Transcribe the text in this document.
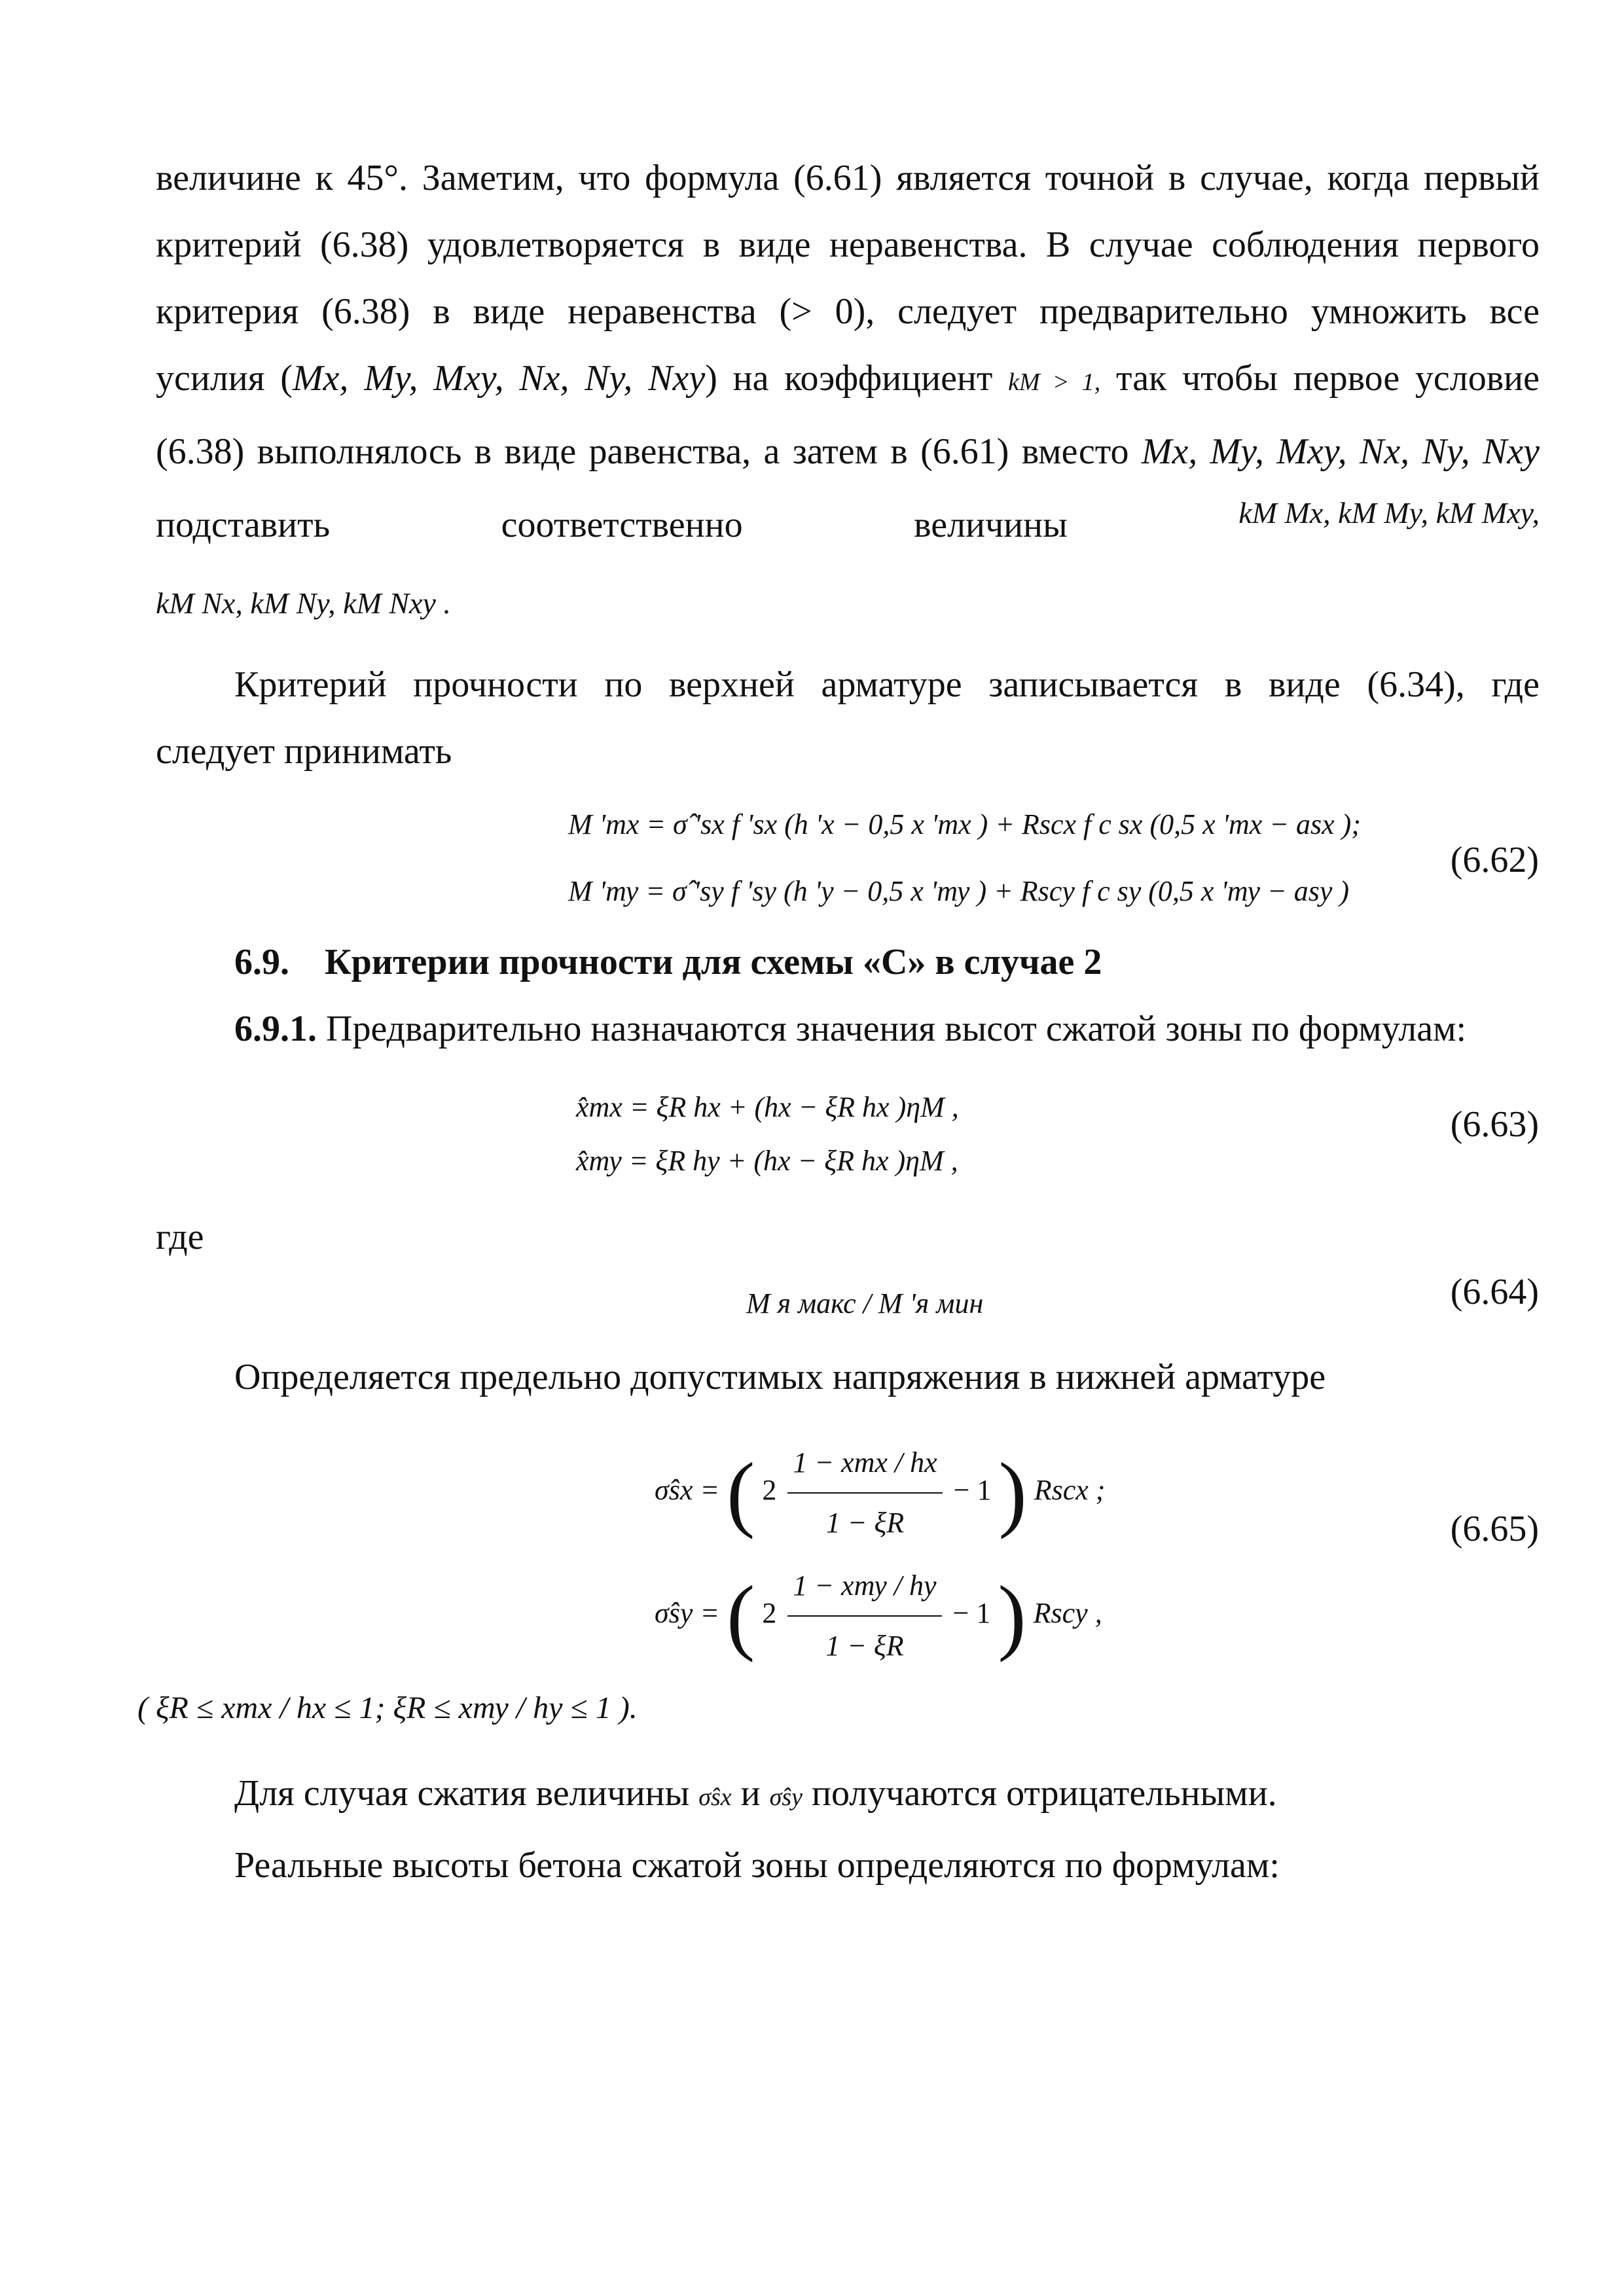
величине к 45°. Заметим, что формула (6.61) является точной в случае, когда первый
критерий (6.38) удовлетворяется в виде неравенства. В случае соблюдения первого
критерия (6.38) в виде неравенства (> 0), следует предварительно умножить все
усилия (Mx, My, Mxy, Nx, Ny, Nxy) на коэффициент kM > 1, так чтобы первое условие
(6.38) выполнялось в виде равенства, а затем в (6.61) вместо Mx, My, Mxy, Nx, Ny, Nxy
подставить	соответственно	величины	kM Mx, kM My, kM Mxy,
kM Nx, kM Ny, kM Nxy .
Критерий прочности по верхней арматуре записывается в виде (6.34), где
следует принимать
M 'тх = σ̂ 'sx f 'sx (h 'x − 0,5 x 'тх ) + Rscx f c sx (0,5 x 'тх − asx );
M 'ту = σ̂ 'sy f 'sy (h 'y − 0,5 x 'ту ) + Rscy f c sy (0,5 x 'ту − asy )
(6.62)
6.9. Критерии прочности для схемы «С» в случае 2
6.9.1. Предварительно назначаются значения высот сжатой зоны по формулам:
x̂тх = ξR hx + (hx − ξR hx )ηM ,
x̂ту = ξR hy + (hx − ξR hx )ηM ,
(6.63)
где
M я макс / M 'я мин	(6.64)
Определяется предельно допустимых напряжения в нижней арматуре
σ̂sx = ( $2 \frac{\text{1 − xтх / hx}}{1 - \xi R} - 1$ ) Rscx ;
σ̂sy = ( $2 \frac{\text{1 − xту / hy}}{1 - \xi R} - 1$ ) Rscy ,
(6.65)
( ξR ≤ xтх / hx ≤ 1; ξR ≤ xту / hy ≤ 1 ).
Для случая сжатия величины σ̂sx и σ̂sy получаются отрицательными.
Реальные высоты бетона сжатой зоны определяются по формулам:
